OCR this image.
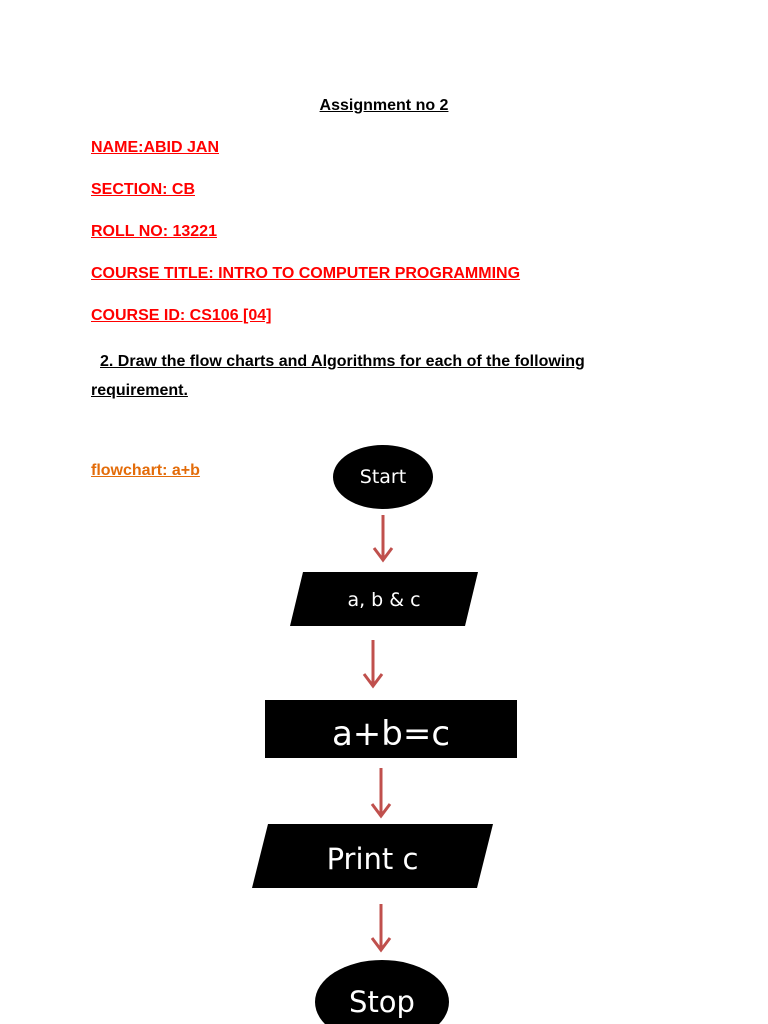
Assignment no 2
NAME:ABID JAN
SECTION: CB
ROLL NO: 13221
COURSE TITLE: INTRO TO COMPUTER PROGRAMMING
COURSE ID: CS106 [04]
2. Draw the flow charts and Algorithms for each of the following
requirement.
flowchart: a+b	Start
a, b & c
a+b=c
Print c
Stop
